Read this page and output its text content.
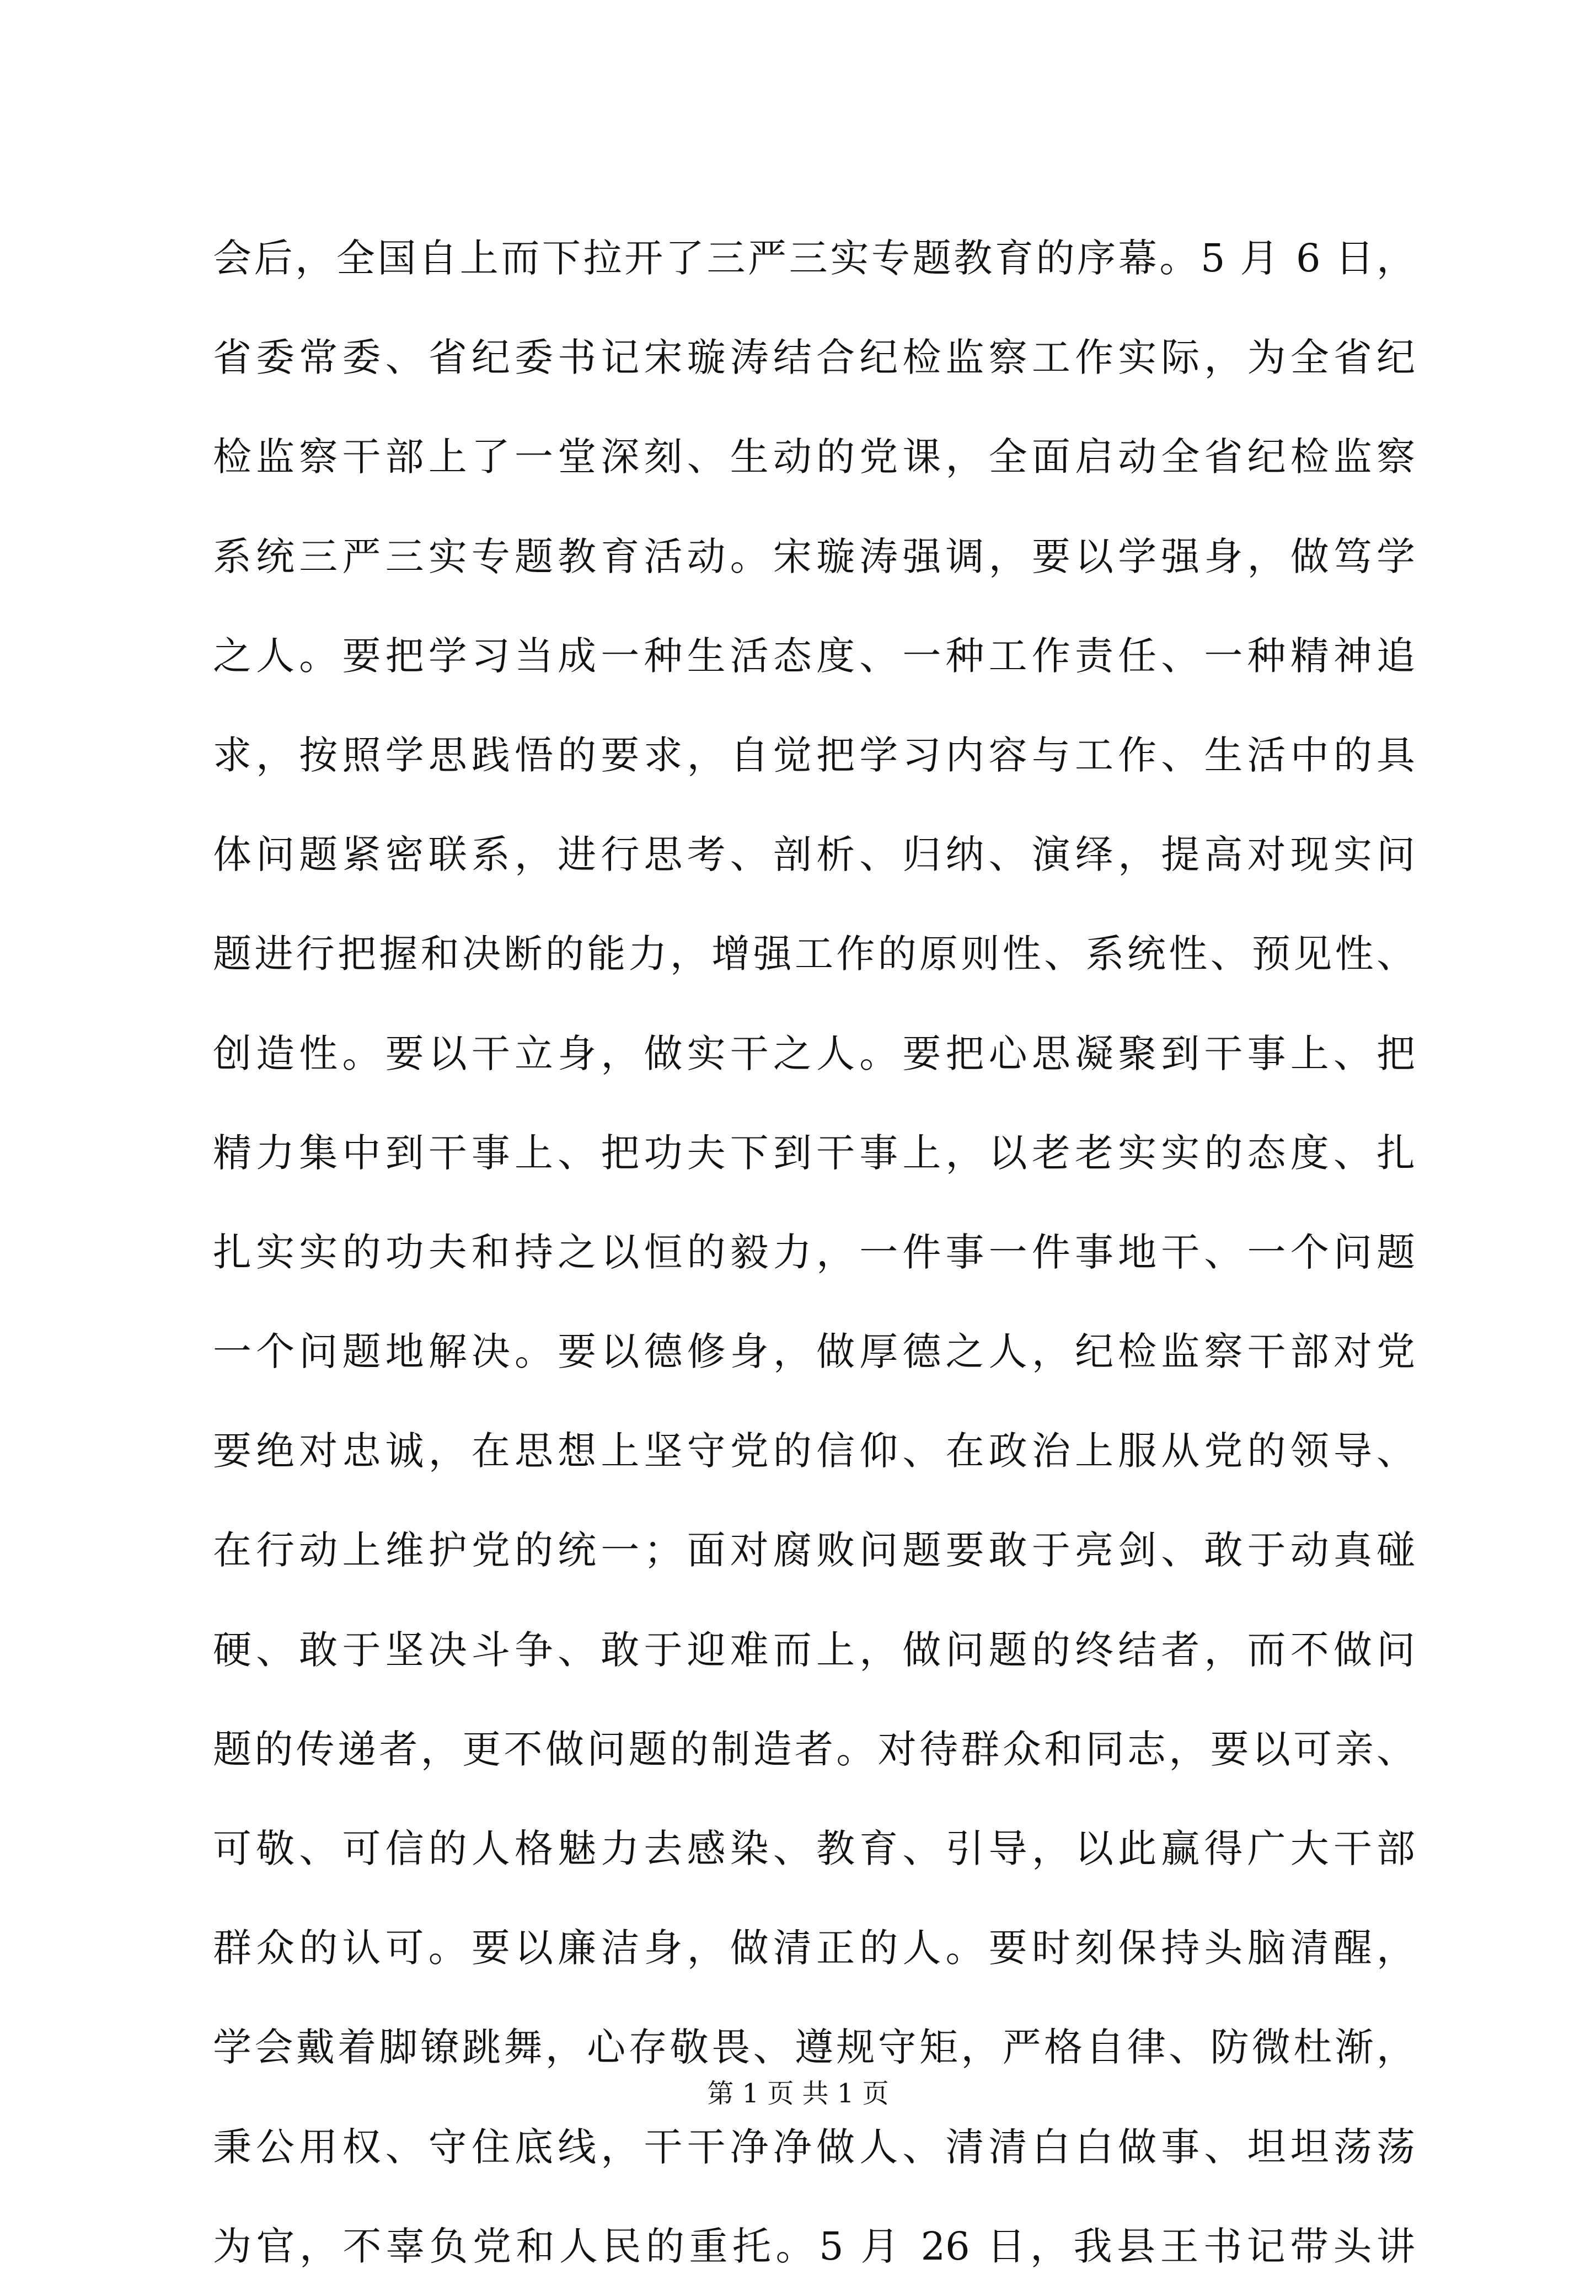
会后，全国自上而下拉开了三严三实专题教育的序幕。5 月 6 日，
省委常委、省纪委书记宋璇涛结合纪检监察工作实际，为全省纪
检监察干部上了一堂深刻、生动的党课，全面启动全省纪检监察
系统三严三实专题教育活动。宋璇涛强调，要以学强身，做笃学
之人。要把学习当成一种生活态度、一种工作责任、一种精神追
求，按照学思践悟的要求，自觉把学习内容与工作、生活中的具
体问题紧密联系，进行思考、剖析、归纳、演绎，提高对现实问
题进行把握和决断的能力，增强工作的原则性、系统性、预见性、
创造性。要以干立身，做实干之人。要把心思凝聚到干事上、把
精力集中到干事上、把功夫下到干事上，以老老实实的态度、扎
扎实实的功夫和持之以恒的毅力，一件事一件事地干、一个问题
一个问题地解决。要以德修身，做厚德之人，纪检监察干部对党
要绝对忠诚，在思想上坚守党的信仰、在政治上服从党的领导、
在行动上维护党的统一；面对腐败问题要敢于亮剑、敢于动真碰
硬、敢于坚决斗争、敢于迎难而上，做问题的终结者，而不做问
题的传递者，更不做问题的制造者。对待群众和同志，要以可亲、
可敬、可信的人格魅力去感染、教育、引导，以此赢得广大干部
群众的认可。要以廉洁身，做清正的人。要时刻保持头脑清醒，
学会戴着脚镣跳舞，心存敬畏、遵规守矩，严格自律、防微杜渐，
秉公用权、守住底线，干干净净做人、清清白白做事、坦坦荡荡
为官，不辜负党和人民的重托。5 月 26 日，我县王书记带头讲
第 1 页 共 1 页
